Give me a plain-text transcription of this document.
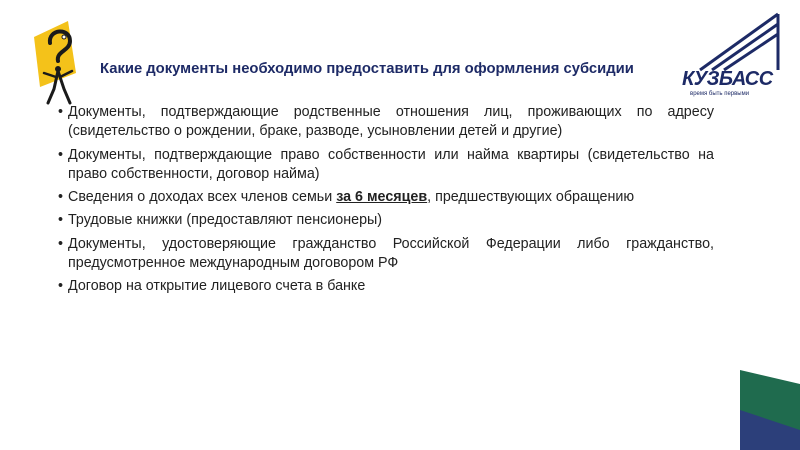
Какие документы необходимо предоставить для оформления субсидии	КУЗБАСС
время быть первыми
• Документы, подтверждающие родственные отношения лиц, проживающих по адресу (свидетельство о рождении, браке, разводе, усыновлении детей и другие)
• Документы, подтверждающие право собственности или найма квартиры (свидетельство на право собственности, договор найма)
• Сведения о доходах всех членов семьи за 6 месяцев, предшествующих обращению
• Трудовые книжки (предоставляют пенсионеры)
• Документы, удостоверяющие гражданство Российской Федерации либо гражданство, предусмотренное международным договором РФ
• Договор на открытие лицевого счета в банке
